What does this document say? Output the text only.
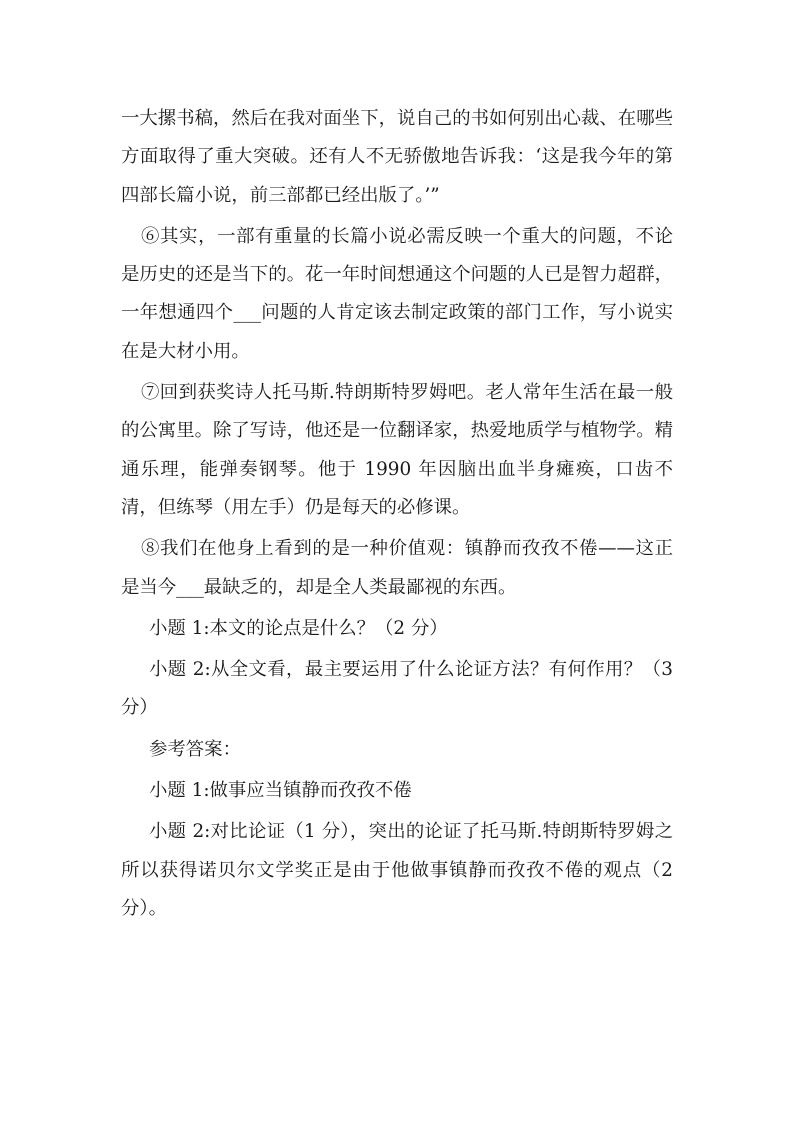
一大摞书稿，然后在我对面坐下，说自己的书如何别出心裁、在哪些方面取得了重大突破。还有人不无骄傲地告诉我：‘这是我今年的第四部长篇小说，前三部都已经出版了。’”

⑥其实，一部有重量的长篇小说必需反映一个重大的问题，不论是历史的还是当下的。花一年时间想通这个问题的人已是智力超群，一年想通四个___问题的人肯定该去制定政策的部门工作，写小说实在是大材小用。

⑦回到获奖诗人托马斯.特朗斯特罗姆吧。老人常年生活在最一般的公寓里。除了写诗，他还是一位翻译家，热爱地质学与植物学。精通乐理，能弹奏钢琴。他于 1990 年因脑出血半身瘫痪，口齿不清，但练琴（用左手）仍是每天的必修课。

⑧我们在他身上看到的是一种价值观：镇静而孜孜不倦——这正是当今___最缺乏的，却是全人类最鄙视的东西。

小题 1:本文的论点是什么？（2 分）

小题 2:从全文看，最主要运用了什么论证方法？有何作用？（3 分）

参考答案：

小题 1:做事应当镇静而孜孜不倦

小题 2:对比论证（1 分），突出的论证了托马斯.特朗斯特罗姆之所以获得诺贝尔文学奖正是由于他做事镇静而孜孜不倦的观点（2 分）。
